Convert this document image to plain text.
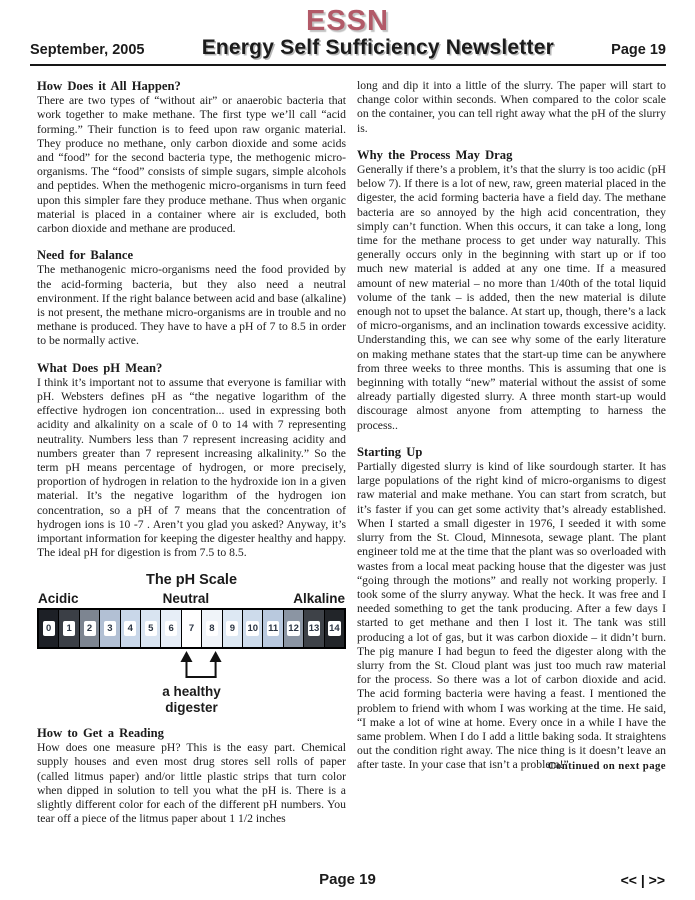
ESSN
September, 2005	Energy Self Sufficiency Newsletter	Page 19
How Does it All Happen?
There are two types of “without air” or anaerobic bacteria that work together to make methane. The first type we’ll call “acid forming.” Their function is to feed upon raw organic material. They produce no methane, only carbon dioxide and some acids and “food” for the second bacteria type, the methogenic micro-organisms. The “food” consists of simple sugars, simple alcohols and peptides. When the methogenic micro-organisms in turn feed upon this simpler fare they produce methane. Thus when organic material is placed in a container where air is excluded, both carbon dioxide and methane are produced.
Need for Balance
The methanogenic micro-organisms need the food provided by the acid-forming bacteria, but they also need a neutral environment. If the right balance between acid and base (alkaline) is not present, the methane micro-organisms are in trouble and no methane is produced. They have to have a pH of 7 to 8.5 in order to be normally active.
What Does pH Mean?
I think it’s important not to assume that everyone is familiar with pH. Websters defines pH as “the negative logarithm of the effective hydrogen ion concentration... used in expressing both acidity and alkalinity on a scale of 0 to 14 with 7 representing neutrality. Numbers less than 7 represent increasing acidity and numbers greater than 7 represent increasing alkalinity.” So the term pH means percentage of hydrogen, or more precisely, proportion of hydrogen in relation to the hydroxide ion in a given material. It’s the negative logarithm of the hydrogen ion concentration, so a pH of 7 means that the concentration of hydrogen ions is 10 -7 . Aren’t you glad you asked? Anyway, it’s important information for keeping the digester healthy and happy. The ideal pH for digestion is from 7.5 to 8.5.
The pH Scale
Acidic	Neutral	Alkaline
0	1	2	3	4	5	6	7	8	9	10 11 12 13 14
a healthy digester
How to Get a Reading
How does one measure pH? This is the easy part. Chemical supply houses and even most drug stores sell rolls of paper (called litmus paper) and/or little plastic strips that turn color when dipped in solution to tell you what the pH is. There is a slightly different color for each of the different pH numbers. You tear off a piece of the litmus paper about 1 1/2 inches
long and dip it into a little of the slurry. The paper will start to change color within seconds. When compared to the color scale on the container, you can tell right away what the pH of the slurry is.
Why the Process May Drag
Generally if there’s a problem, it’s that the slurry is too acidic (pH below 7). If there is a lot of new, raw, green material placed in the digester, the acid forming bacteria have a field day. The methane bacteria are so annoyed by the high acid concentration, they simply can’t function. When this occurs, it can take a long, long time for the methane process to get under way naturally. This generally occurs only in the beginning with start up or if too much new material is added at any one time. If a measured amount of new material – no more than 1/40th of the total liquid volume of the tank – is added, then the new material is dilute enough not to upset the balance. At start up, though, there’s a lack of micro-organisms, and an inclination towards excessive acidity. Understanding this, we can see why some of the early literature on making methane states that the start-up time can be anywhere from three weeks to three months. This is assuming that one is beginning with totally “new” material without the assist of some already partially digested slurry. A three month start-up would discourage almost anyone from attempting to harness the process..
Starting Up
Partially digested slurry is kind of like sourdough starter. It has large populations of the right kind of micro-organisms to digest raw material and make methane. You can start from scratch, but it’s faster if you can get some activity that’s already established. When I started a small digester in 1976, I seeded it with some slurry from the St. Cloud, Minnesota, sewage plant. The plant engineer told me at the time that the plant was so overloaded with wastes from a local meat packing house that the digester was just “going through the motions” and really not working properly. I took some of the slurry anyway. What the heck. It was free and I needed something to get the tank producing. After a few days I started to get methane and then I lost it. The tank was still producing a lot of gas, but it was carbon dioxide – it didn’t burn. The pig manure I had begun to feed the digester along with the slurry from the St. Cloud plant was just too much raw material for the process. So there was a lot of carbon dioxide and acid. The acid forming bacteria were having a feast. I mentioned the problem to friend with whom I was working at the time. He said, “I make a lot of wine at home. Every once in a while I have the same problem. When I do I add a little baking soda. It straightens out the condition right away. The nice thing is it doesn’t leave an after taste. In your case that isn’t a problem!”
Continued on next page
Page 19	<< | >>
